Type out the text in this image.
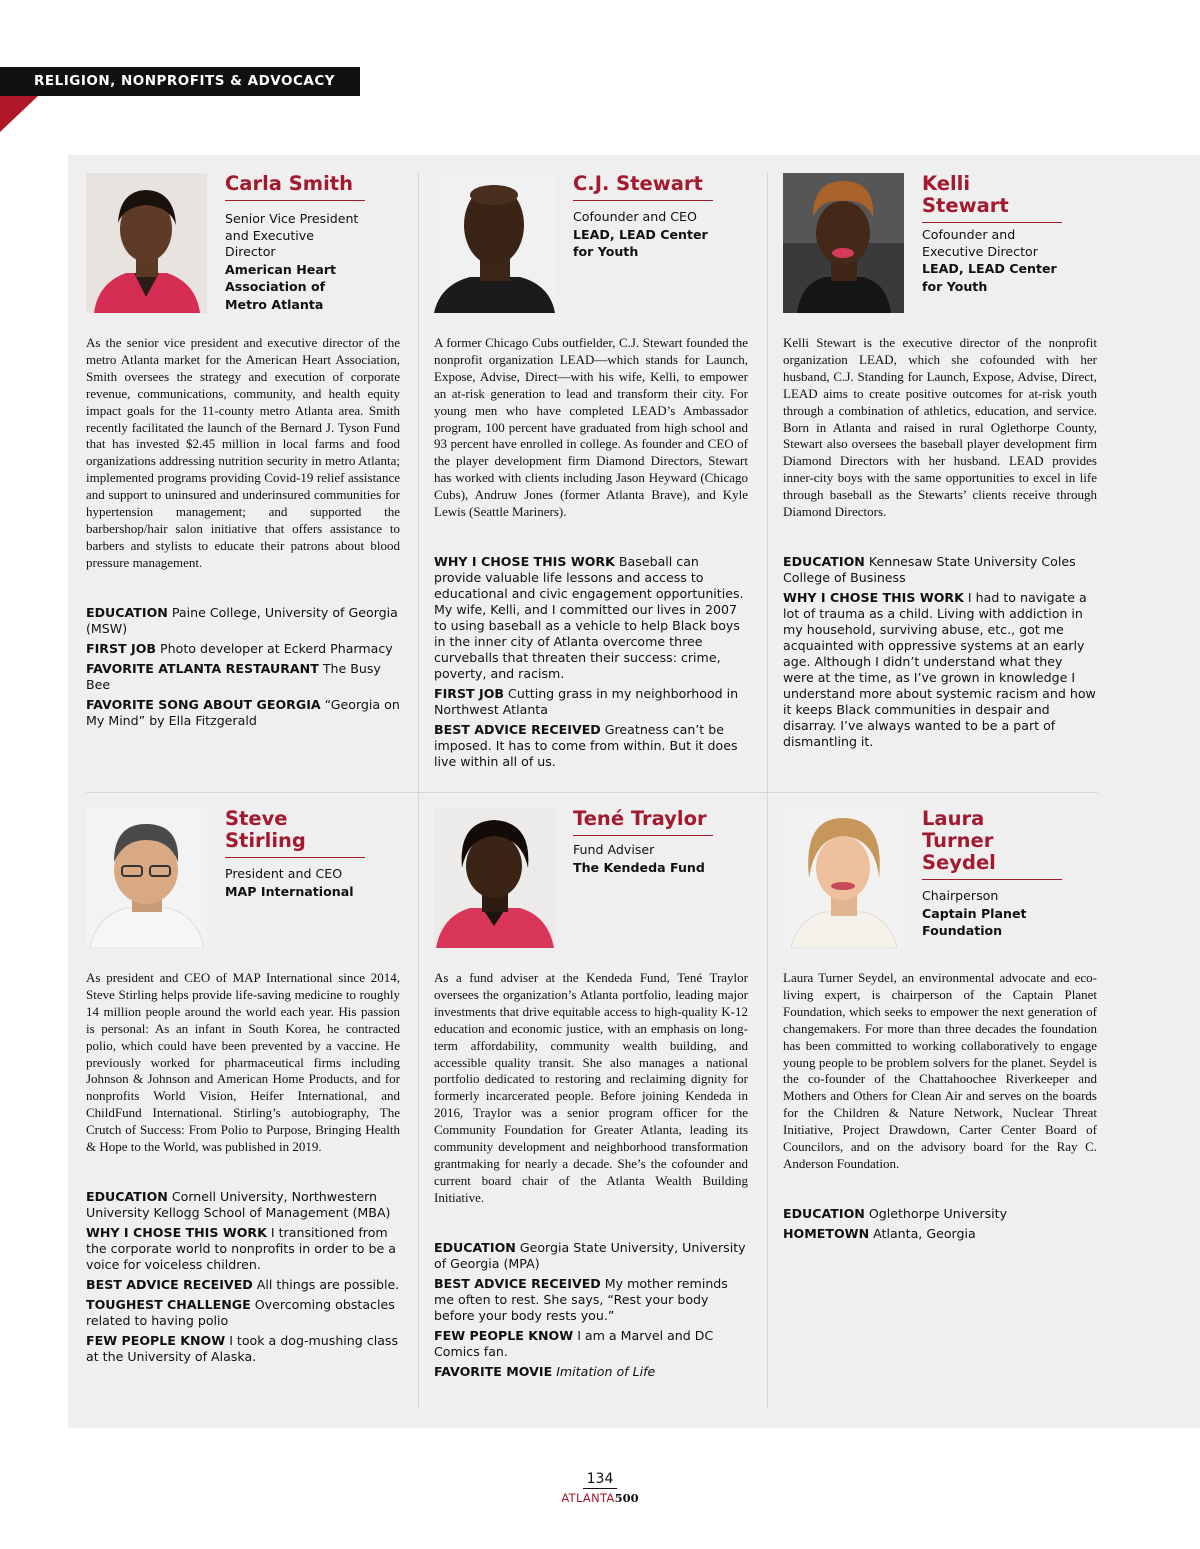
RELIGION, NONPROFITS & ADVOCACY
Carla Smith
Senior Vice President and Executive Director
American Heart Association of Metro Atlanta

As the senior vice president and executive director of the metro Atlanta market for the American Heart Association, Smith oversees the strategy and execution of corporate revenue, communications, community, and health equity impact goals for the 11-county metro Atlanta area. Smith recently facilitated the launch of the Bernard J. Tyson Fund that has invested $2.45 million in local farms and food organizations addressing nutrition security in metro Atlanta; implemented programs providing Covid-19 relief assistance and support to uninsured and underinsured communities for hypertension management; and supported the barbershop/hair salon initiative that offers assistance to barbers and stylists to educate their patrons about blood pressure management.

EDUCATION Paine College, University of Georgia (MSW)
FIRST JOB Photo developer at Eckerd Pharmacy
FAVORITE ATLANTA RESTAURANT The Busy Bee
FAVORITE SONG ABOUT GEORGIA “Georgia on My Mind” by Ella Fitzgerald
C.J. Stewart
Cofounder and CEO
LEAD, LEAD Center for Youth

A former Chicago Cubs outfielder, C.J. Stewart founded the nonprofit organization LEAD—which stands for Launch, Expose, Advise, Direct—with his wife, Kelli, to empower an at-risk generation to lead and transform their city. For young men who have completed LEAD’s Ambassador program, 100 percent have graduated from high school and 93 percent have enrolled in college. As founder and CEO of the player development firm Diamond Directors, Stewart has worked with clients including Jason Heyward (Chicago Cubs), Andruw Jones (former Atlanta Brave), and Kyle Lewis (Seattle Mariners).

WHY I CHOSE THIS WORK Baseball can provide valuable life lessons and access to educational and civic engagement opportunities. My wife, Kelli, and I committed our lives in 2007 to using baseball as a vehicle to help Black boys in the inner city of Atlanta overcome three curveballs that threaten their success: crime, poverty, and racism.
FIRST JOB Cutting grass in my neighborhood in Northwest Atlanta
BEST ADVICE RECEIVED Greatness can’t be imposed. It has to come from within. But it does live within all of us.
Kelli Stewart
Cofounder and Executive Director
LEAD, LEAD Center for Youth

Kelli Stewart is the executive director of the nonprofit organization LEAD, which she cofounded with her husband, C.J. Standing for Launch, Expose, Advise, Direct, LEAD aims to create positive outcomes for at-risk youth through a combination of athletics, education, and service. Born in Atlanta and raised in rural Oglethorpe County, Stewart also oversees the baseball player development firm Diamond Directors with her husband. LEAD provides inner-city boys with the same opportunities to excel in life through baseball as the Stewarts’ clients receive through Diamond Directors.

EDUCATION Kennesaw State University Coles College of Business
WHY I CHOSE THIS WORK I had to navigate a lot of trauma as a child. Living with addiction in my household, surviving abuse, etc., got me acquainted with oppressive systems at an early age. Although I didn’t understand what they were at the time, as I’ve grown in knowledge I understand more about systemic racism and how it keeps Black communities in despair and disarray. I’ve always wanted to be a part of dismantling it.
Steve Stirling
President and CEO
MAP International

As president and CEO of MAP International since 2014, Steve Stirling helps provide life-saving medicine to roughly 14 million people around the world each year. His passion is personal: As an infant in South Korea, he contracted polio, which could have been prevented by a vaccine. He previously worked for pharmaceutical firms including Johnson & Johnson and American Home Products, and for nonprofits World Vision, Heifer International, and ChildFund International. Stirling’s autobiography, The Crutch of Success: From Polio to Purpose, Bringing Health & Hope to the World, was published in 2019.

EDUCATION Cornell University, Northwestern University Kellogg School of Management (MBA)
WHY I CHOSE THIS WORK I transitioned from the corporate world to nonprofits in order to be a voice for voiceless children.
BEST ADVICE RECEIVED All things are possible.
TOUGHEST CHALLENGE Overcoming obstacles related to having polio
FEW PEOPLE KNOW I took a dog-mushing class at the University of Alaska.
Tené Traylor
Fund Adviser
The Kendeda Fund

As a fund adviser at the Kendeda Fund, Tené Traylor oversees the organization’s Atlanta portfolio, leading major investments that drive equitable access to high-quality K-12 education and economic justice, with an emphasis on long-term affordability, community wealth building, and accessible quality transit. She also manages a national portfolio dedicated to restoring and reclaiming dignity for formerly incarcerated people. Before joining Kendeda in 2016, Traylor was a senior program officer for the Community Foundation for Greater Atlanta, leading its community development and neighborhood transformation grantmaking for nearly a decade. She’s the cofounder and current board chair of the Atlanta Wealth Building Initiative.

EDUCATION Georgia State University, University of Georgia (MPA)
BEST ADVICE RECEIVED My mother reminds me often to rest. She says, “Rest your body before your body rests you.”
FEW PEOPLE KNOW I am a Marvel and DC Comics fan.
FAVORITE MOVIE Imitation of Life
Laura Turner Seydel
Chairperson
Captain Planet Foundation

Laura Turner Seydel, an environmental advocate and eco-living expert, is chairperson of the Captain Planet Foundation, which seeks to empower the next generation of changemakers. For more than three decades the foundation has been committed to working collaboratively to engage young people to be problem solvers for the planet. Seydel is the co-founder of the Chattahoochee Riverkeeper and Mothers and Others for Clean Air and serves on the boards for the Children & Nature Network, Nuclear Threat Initiative, Project Drawdown, Carter Center Board of Councilors, and on the advisory board for the Ray C. Anderson Foundation.

EDUCATION Oglethorpe University
HOMETOWN Atlanta, Georgia
134
ATLANTA500
